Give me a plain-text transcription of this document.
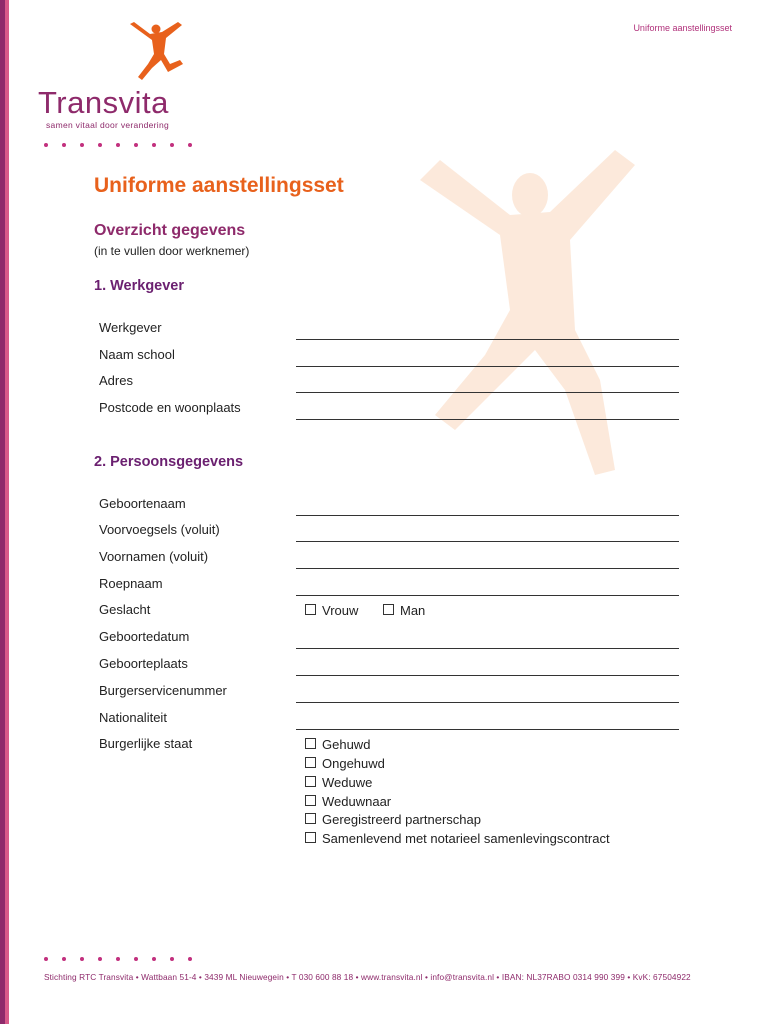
Uniforme aanstellingsset
Transvita
samen vitaal door verandering
Uniforme aanstellingsset
Overzicht gegevens
(in te vullen door werknemer)
1. Werkgever
Werkgever
Naam school
Adres
Postcode en woonplaats
2. Persoonsgegevens
Geboortenaam
Voorvoegsels (voluit)
Voornamen (voluit)
Roepnaam
Geslacht	Vrouw	Man
Geboortedatum
Geboorteplaats
Burgerservicenummer
Nationaliteit
Burgerlijke staat	Gehuwd
Ongehuwd
Weduwe
Weduwnaar
Geregistreerd partnerschap
Samenlevend met notarieel samenlevingscontract
Stichting RTC Transvita • Wattbaan 51-4 • 3439 ML Nieuwegein • T 030 600 88 18 • www.transvita.nl • info@transvita.nl • IBAN: NL37RABO 0314 990 399 • KvK: 67504922
